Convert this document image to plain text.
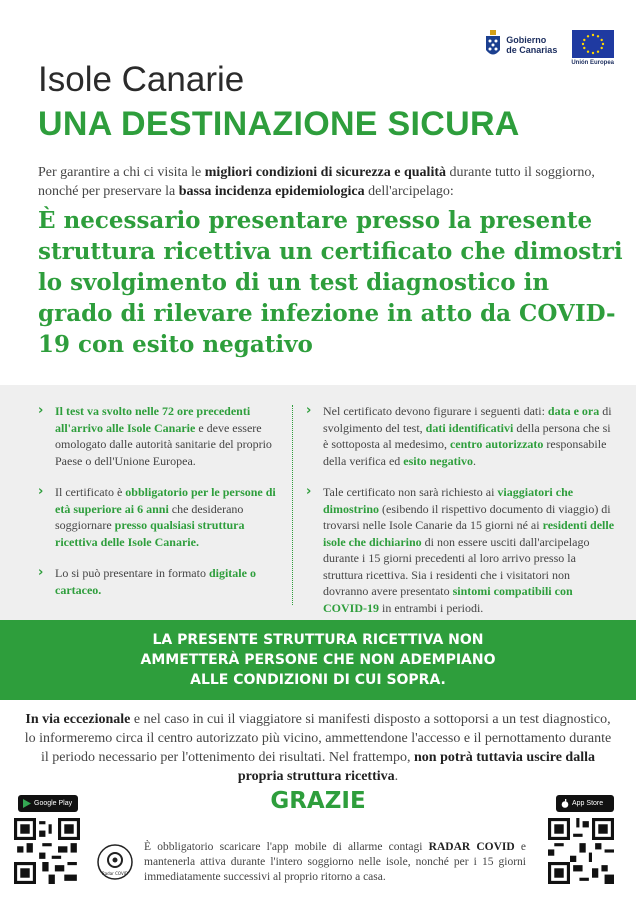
Gobierno
de Canarias
Unión Europea
Isole Canarie
UNA DESTINAZIONE SICURA
Per garantire a chi ci visita le migliori condizioni di sicurezza e qualità durante tutto il soggiorno, nonché per preservare la bassa incidenza epidemiologica dell'arcipelago:
È necessario presentare presso la presente struttura ricettiva un certificato che dimostri lo svolgimento di un test diagnostico in grado di rilevare infezione in atto da COVID-19 con esito negativo
› Il test va svolto nelle 72 ore precedenti all'arrivo alle Isole Canarie e deve essere omologato dalle autorità sanitarie del proprio Paese o dell'Unione Europea.
› Il certificato è obbligatorio per le persone di età superiore ai 6 anni che desiderano soggiornare presso qualsiasi struttura ricettiva delle Isole Canarie.
› Lo si può presentare in formato digitale o cartaceo.
› Nel certificato devono figurare i seguenti dati: data e ora di svolgimento del test, dati identificativi della persona che si è sottoposta al medesimo, centro autorizzato responsabile della verifica ed esito negativo.
› Tale certificato non sarà richiesto ai viaggiatori che dimostrino (esibendo il rispettivo documento di viaggio) di trovarsi nelle Isole Canarie da 15 giorni né ai residenti delle isole che dichiarino di non essere usciti dall'arcipelago durante i 15 giorni precedenti al loro arrivo presso la struttura ricettiva. Sia i residenti che i visitatori non dovranno avere presentato sintomi compatibili con COVID-19 in entrambi i periodi.
LA PRESENTE STRUTTURA RICETTIVA NON AMMETTERÀ PERSONE CHE NON ADEMPIANO ALLE CONDIZIONI DI CUI SOPRA.
In via eccezionale e nel caso in cui il viaggiatore si manifesti disposto a sottoporsi a un test diagnostico, lo informeremo circa il centro autorizzato più vicino, ammettendone l'accesso e il pernottamento durante il periodo necessario per l'ottenimento dei risultati. Nel frattempo, non potrà tuttavia uscire dalla propria struttura ricettiva.
GRAZIE
Google Play	App Store
Radar COVID
È obbligatorio scaricare l'app mobile di allarme contagi RADAR COVID e mantenerla attiva durante l'intero soggiorno nelle isole, nonché per i 15 giorni immediatamente successivi al proprio ritorno a casa.
